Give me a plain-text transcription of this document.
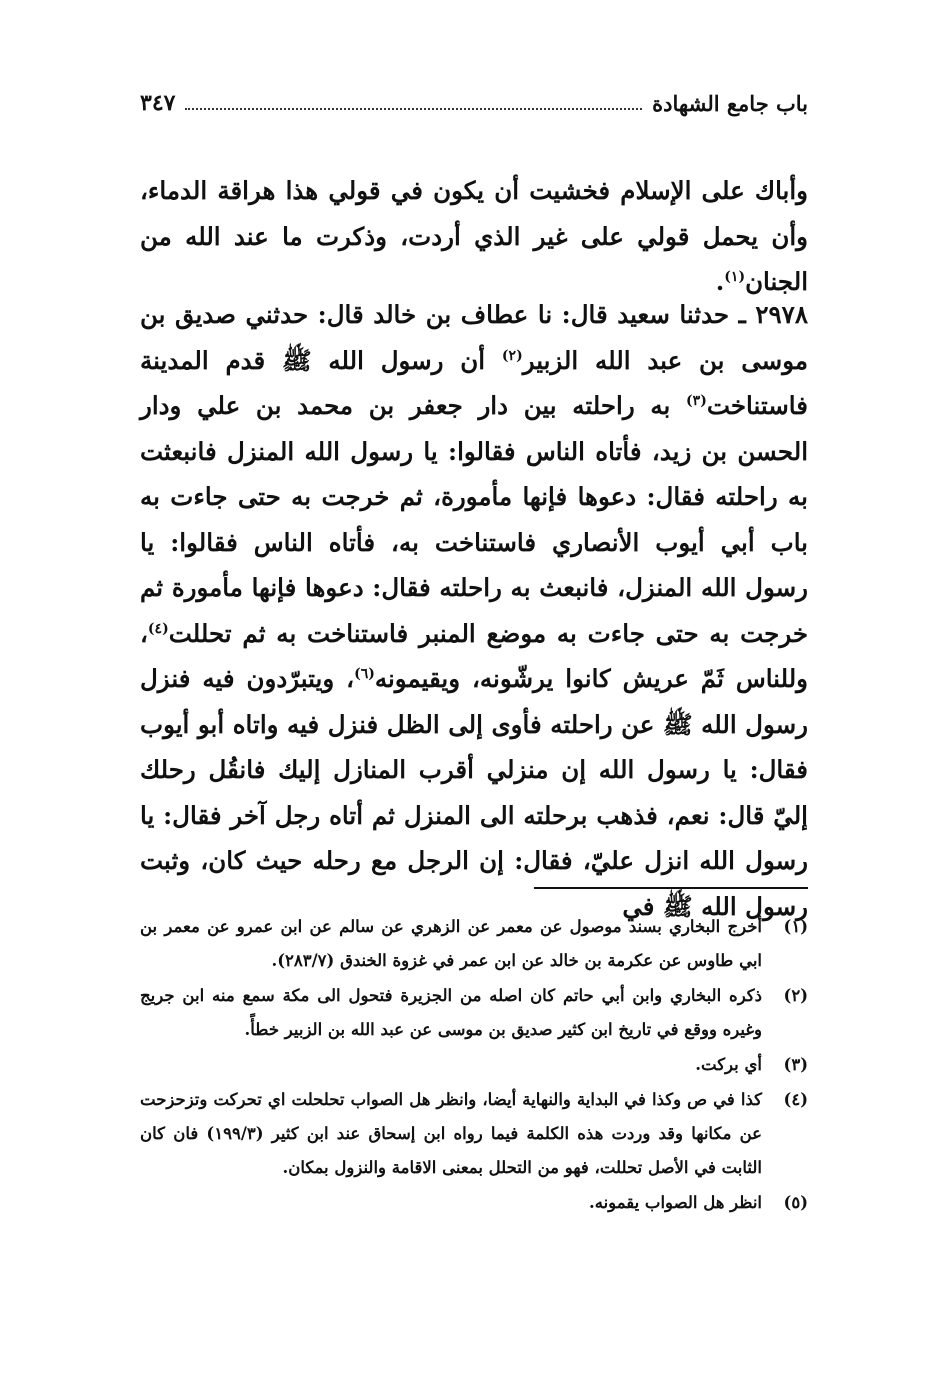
باب جامع الشهادة
٣٤٧
وأباك على الإسلام فخشيت أن يكون في قولي هذا هراقة الدماء، وأن يحمل قولي على غير الذي أردت، وذكرت ما عند الله من الجنان$^{(١)}$.
٢٩٧٨ ـ حدثنا سعيد قال: نا عطاف بن خالد قال: حدثني صديق بن موسى بن عبد الله الزبير$^{(٢)}$ أن رسول الله ﷺ قدم المدينة فاستناخت$^{(٣)}$ به راحلته بين دار جعفر بن محمد بن علي ودار الحسن بن زيد، فأتاه الناس فقالوا: يا رسول الله المنزل فانبعثت به راحلته فقال: دعوها فإنها مأمورة، ثم خرجت به حتى جاءت به باب أبي أيوب الأنصاري فاستناخت به، فأتاه الناس فقالوا: يا رسول الله المنزل، فانبعث به راحلته فقال: دعوها فإنها مأمورة ثم خرجت به حتى جاءت به موضع المنبر فاستناخت به ثم تحللت$^{(٤)}$، وللناس ثَمّ عريش كانوا يرشّونه، ويقيمونه$^{(٦)}$، ويتبرّدون فيه فنزل رسول الله ﷺ عن راحلته فأوى إلى الظل فنزل فيه واتاه أبو أيوب فقال: يا رسول الله إن منزلي أقرب المنازل إليك فانقُل رحلك إليّ قال: نعم، فذهب برحلته الى المنزل ثم أتاه رجل آخر فقال: يا رسول الله انزل عليّ، فقال: إن الرجل مع رحله حيث كان، وثبت رسول الله ﷺ في
(١)
أخرج البخاري بسند موصول عن معمر عن الزهري عن سالم عن ابن عمرو عن معمر بن ابي طاوس عن عكرمة بن خالد عن ابن عمر في غزوة الخندق (٢٨٣/٧).
(٢)
ذكره البخاري وابن أبي حاتم كان اصله من الجزيرة فتحول الى مكة سمع منه ابن جريج وغيره ووقع في تاريخ ابن كثير صديق بن موسى عن عبد الله بن الزبير خطأً.
(٣)
أي بركت.
(٤)
كذا في ص وكذا في البداية والنهاية أيضا، وانظر هل الصواب تحلحلت اي تحركت وتزحزحت عن مكانها وقد وردت هذه الكلمة فيما رواه ابن إسحاق عند ابن كثير (١٩٩/٣) فان كان الثابت في الأصل تحللت، فهو من التحلل بمعنى الاقامة والنزول بمكان.
(٥)
انظر هل الصواب يقمونه.
